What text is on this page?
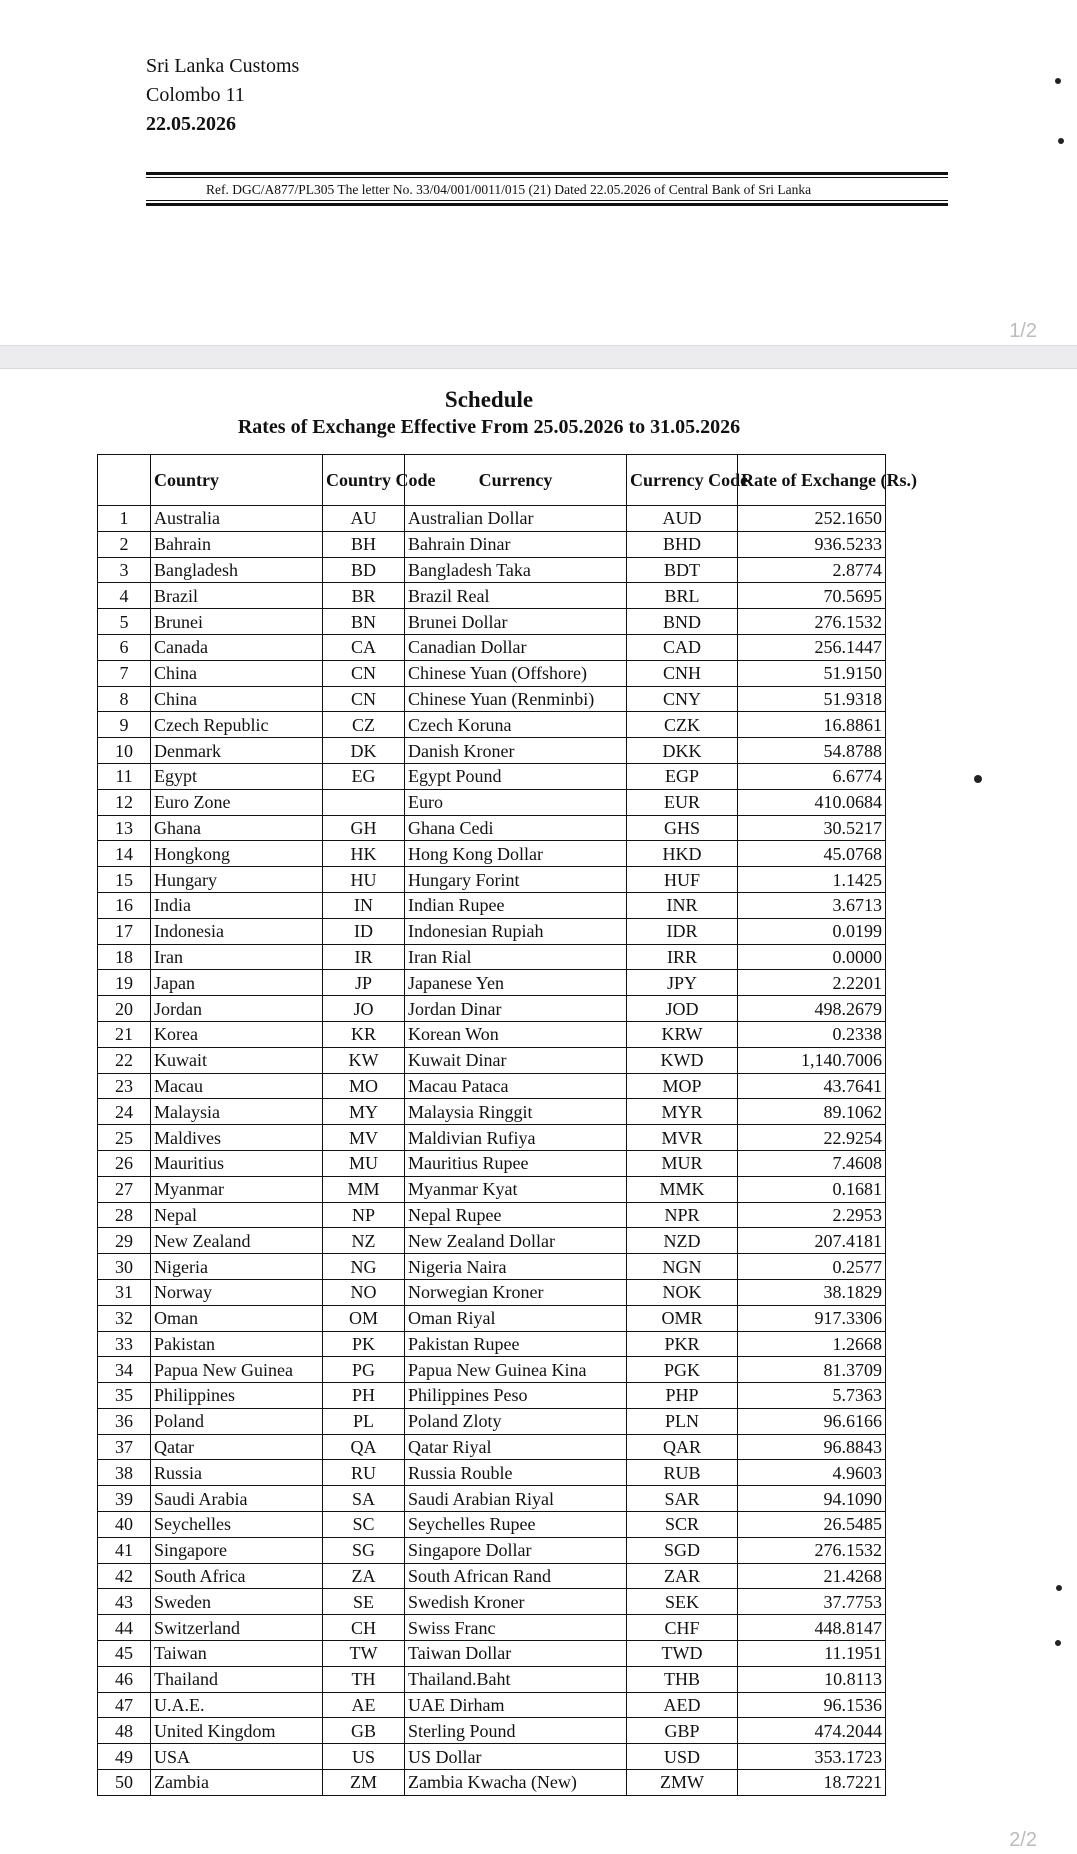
Sri Lanka Customs
Colombo 11
22.05.2026
Ref. DGC/A877/PL305 The letter No. 33/04/001/0011/015 (21) Dated 22.05.2026 of Central Bank of Sri Lanka
1/2
Schedule
Rates of Exchange Effective From 25.05.2026 to 31.05.2026
	Country	Country Code	Currency	Currency Code	Rate of Exchange (Rs.)
1	Australia	AU	Australian Dollar	AUD	252.1650
2	Bahrain	BH	Bahrain Dinar	BHD	936.5233
3	Bangladesh	BD	Bangladesh Taka	BDT	2.8774
4	Brazil	BR	Brazil Real	BRL	70.5695
5	Brunei	BN	Brunei Dollar	BND	276.1532
6	Canada	CA	Canadian Dollar	CAD	256.1447
7	China	CN	Chinese Yuan (Offshore)	CNH	51.9150
8	China	CN	Chinese Yuan (Renminbi)	CNY	51.9318
9	Czech Republic	CZ	Czech Koruna	CZK	16.8861
10	Denmark	DK	Danish Kroner	DKK	54.8788
11	Egypt	EG	Egypt Pound	EGP	6.6774
12	Euro Zone		Euro	EUR	410.0684
13	Ghana	GH	Ghana Cedi	GHS	30.5217
14	Hongkong	HK	Hong Kong Dollar	HKD	45.0768
15	Hungary	HU	Hungary Forint	HUF	1.1425
16	India	IN	Indian Rupee	INR	3.6713
17	Indonesia	ID	Indonesian Rupiah	IDR	0.0199
18	Iran	IR	Iran Rial	IRR	0.0000
19	Japan	JP	Japanese Yen	JPY	2.2201
20	Jordan	JO	Jordan Dinar	JOD	498.2679
21	Korea	KR	Korean Won	KRW	0.2338
22	Kuwait	KW	Kuwait Dinar	KWD	1,140.7006
23	Macau	MO	Macau Pataca	MOP	43.7641
24	Malaysia	MY	Malaysia Ringgit	MYR	89.1062
25	Maldives	MV	Maldivian Rufiya	MVR	22.9254
26	Mauritius	MU	Mauritius Rupee	MUR	7.4608
27	Myanmar	MM	Myanmar Kyat	MMK	0.1681
28	Nepal	NP	Nepal Rupee	NPR	2.2953
29	New Zealand	NZ	New Zealand Dollar	NZD	207.4181
30	Nigeria	NG	Nigeria Naira	NGN	0.2577
31	Norway	NO	Norwegian Kroner	NOK	38.1829
32	Oman	OM	Oman Riyal	OMR	917.3306
33	Pakistan	PK	Pakistan Rupee	PKR	1.2668
34	Papua New Guinea	PG	Papua New Guinea Kina	PGK	81.3709
35	Philippines	PH	Philippines Peso	PHP	5.7363
36	Poland	PL	Poland Zloty	PLN	96.6166
37	Qatar	QA	Qatar Riyal	QAR	96.8843
38	Russia	RU	Russia Rouble	RUB	4.9603
39	Saudi Arabia	SA	Saudi Arabian Riyal	SAR	94.1090
40	Seychelles	SC	Seychelles Rupee	SCR	26.5485
41	Singapore	SG	Singapore Dollar	SGD	276.1532
42	South Africa	ZA	South African Rand	ZAR	21.4268
43	Sweden	SE	Swedish Kroner	SEK	37.7753
44	Switzerland	CH	Swiss Franc	CHF	448.8147
45	Taiwan	TW	Taiwan Dollar	TWD	11.1951
46	Thailand	TH	Thailand.Baht	THB	10.8113
47	U.A.E.	AE	UAE Dirham	AED	96.1536
48	United Kingdom	GB	Sterling Pound	GBP	474.2044
49	USA	US	US Dollar	USD	353.1723
50	Zambia	ZM	Zambia Kwacha (New)	ZMW	18.7221
2/2
